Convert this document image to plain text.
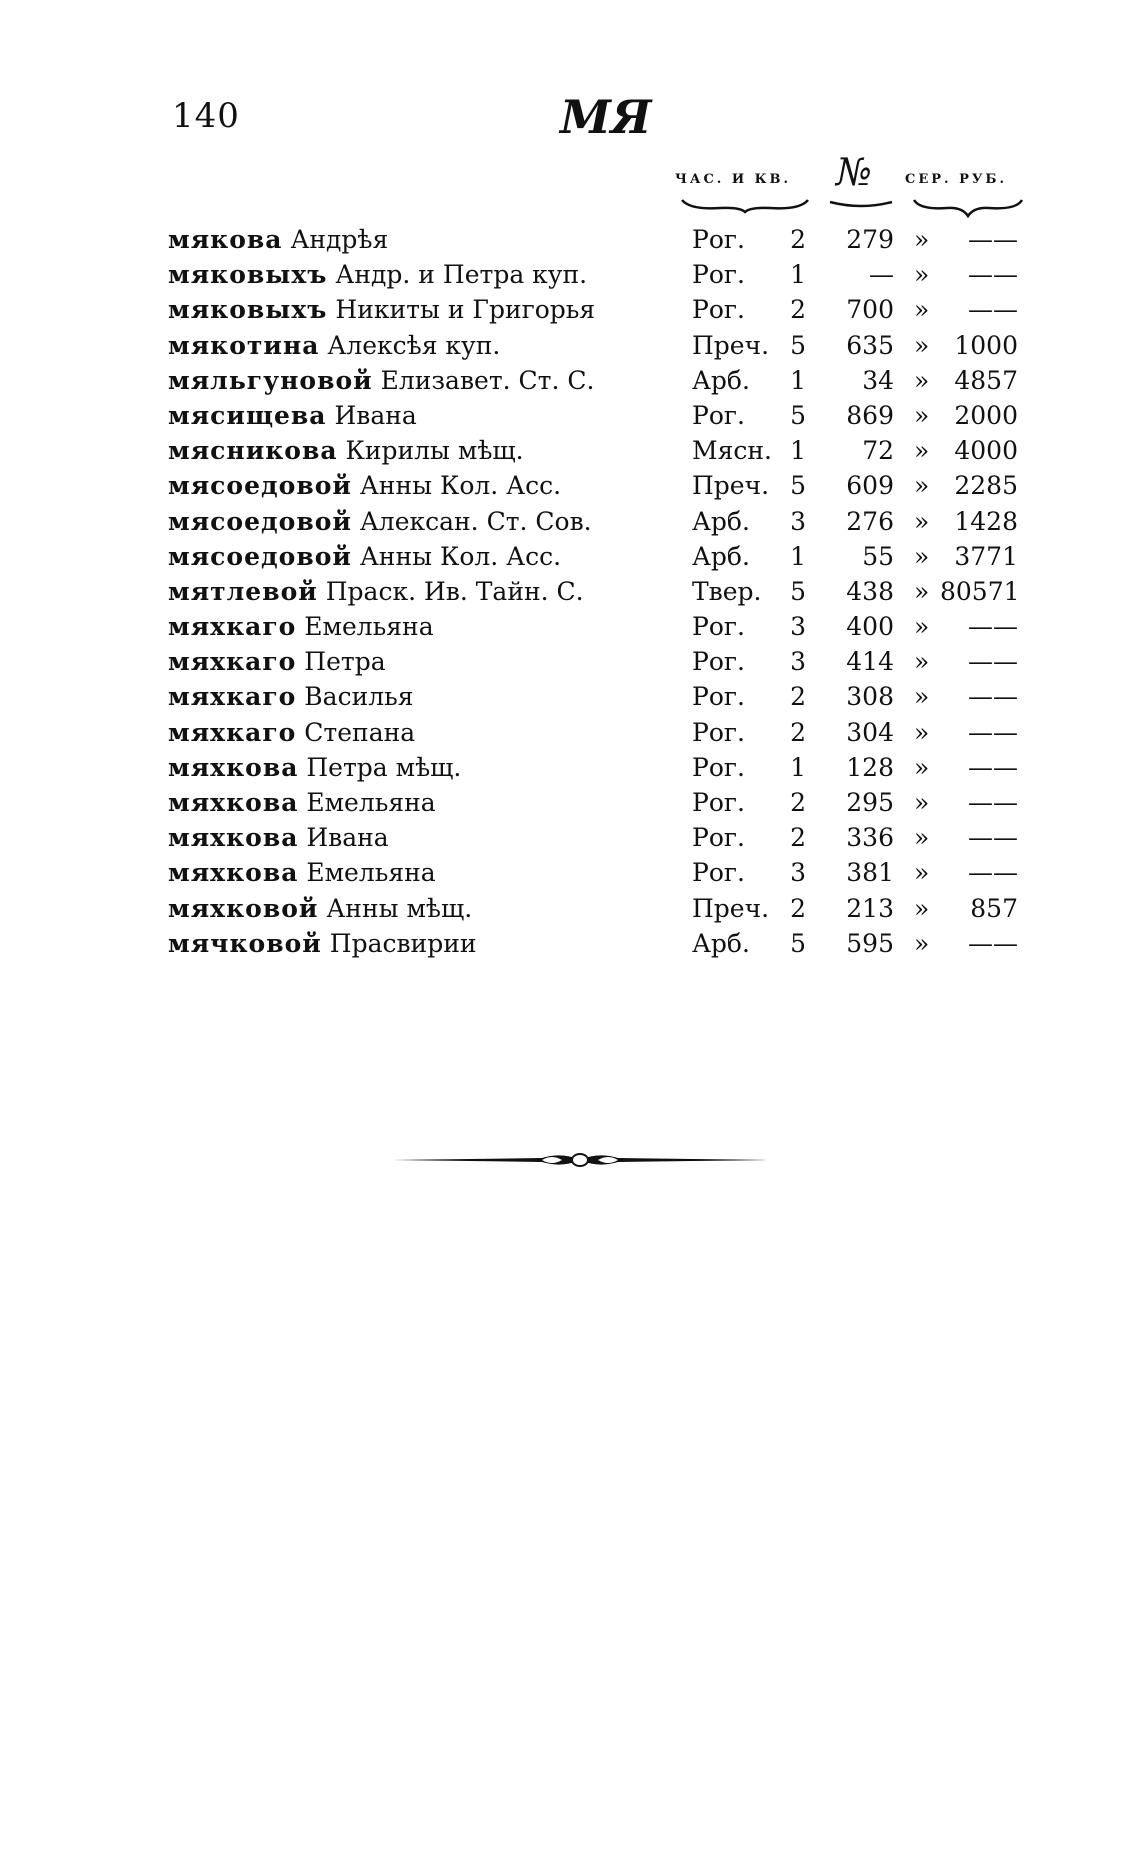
140	МЯ
ЧАС. И КВ. №	СЕР. РУБ.
мякова Андрѣя	Рог.	2	279 »	——
мяковыхъ Андр. и Петра куп.	Рог.	1	— »	——
мяковыхъ Никиты и Григорья	Рог.	2	700 »	——
мякотина Алексѣя куп.	Преч. 5	635 »	1000
мяльгуновой Елизавет. Ст. С.	Арб.	1	34 »	4857
мясищева Ивана	Рог.	5	869 »	2000
мясникова Кирилы мѣщ.	Мясн. 1	72 »	4000
мясоедовой Анны Кол. Асс.	Преч. 5	609 »	2285
мясоедовой Алексан. Ст. Сов.	Арб.	3	276 »	1428
мясоедовой Анны Кол. Асс.	Арб.	1	55 »	3771
мятлевой Праск. Ив. Тайн. С.	Твер.	5	438 » 80571
мяхкаго Емельяна	Рог.	3	400 »	——
мяхкаго Петра	Рог.	3	414 »	——
мяхкаго Василья	Рог.	2	308 »	——
мяхкаго Степана	Рог.	2	304 »	——
мяхкова Петра мѣщ.	Рог.	1	128 »	——
мяхкова Емельяна	Рог.	2	295 »	——
мяхкова Ивана	Рог.	2	336 »	——
мяхкова Емельяна	Рог.	3	381 »	——
мяхковой Анны мѣщ.	Преч. 2	213 »	857
мячковой Прасвирии	Арб.	5	595 »	——
